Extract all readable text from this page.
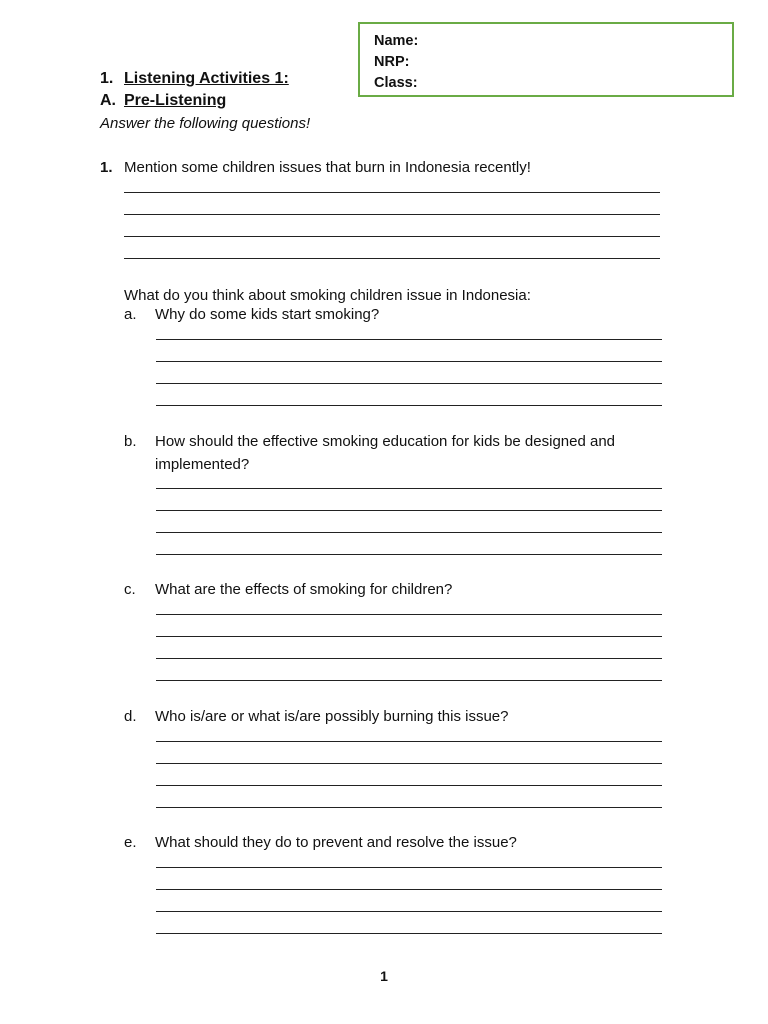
Name:
NRP:
Class:
1. Listening Activities 1:
A. Pre-Listening
Answer the following questions!
1. Mention some children issues that burn in Indonesia recently!
What do you think about smoking children issue in Indonesia:
a. Why do some kids start smoking?
b. How should the effective smoking education for kids be designed and implemented?
c. What are the effects of smoking for children?
d. Who is/are or what is/are possibly burning this issue?
e. What should they do to prevent and resolve the issue?
1
